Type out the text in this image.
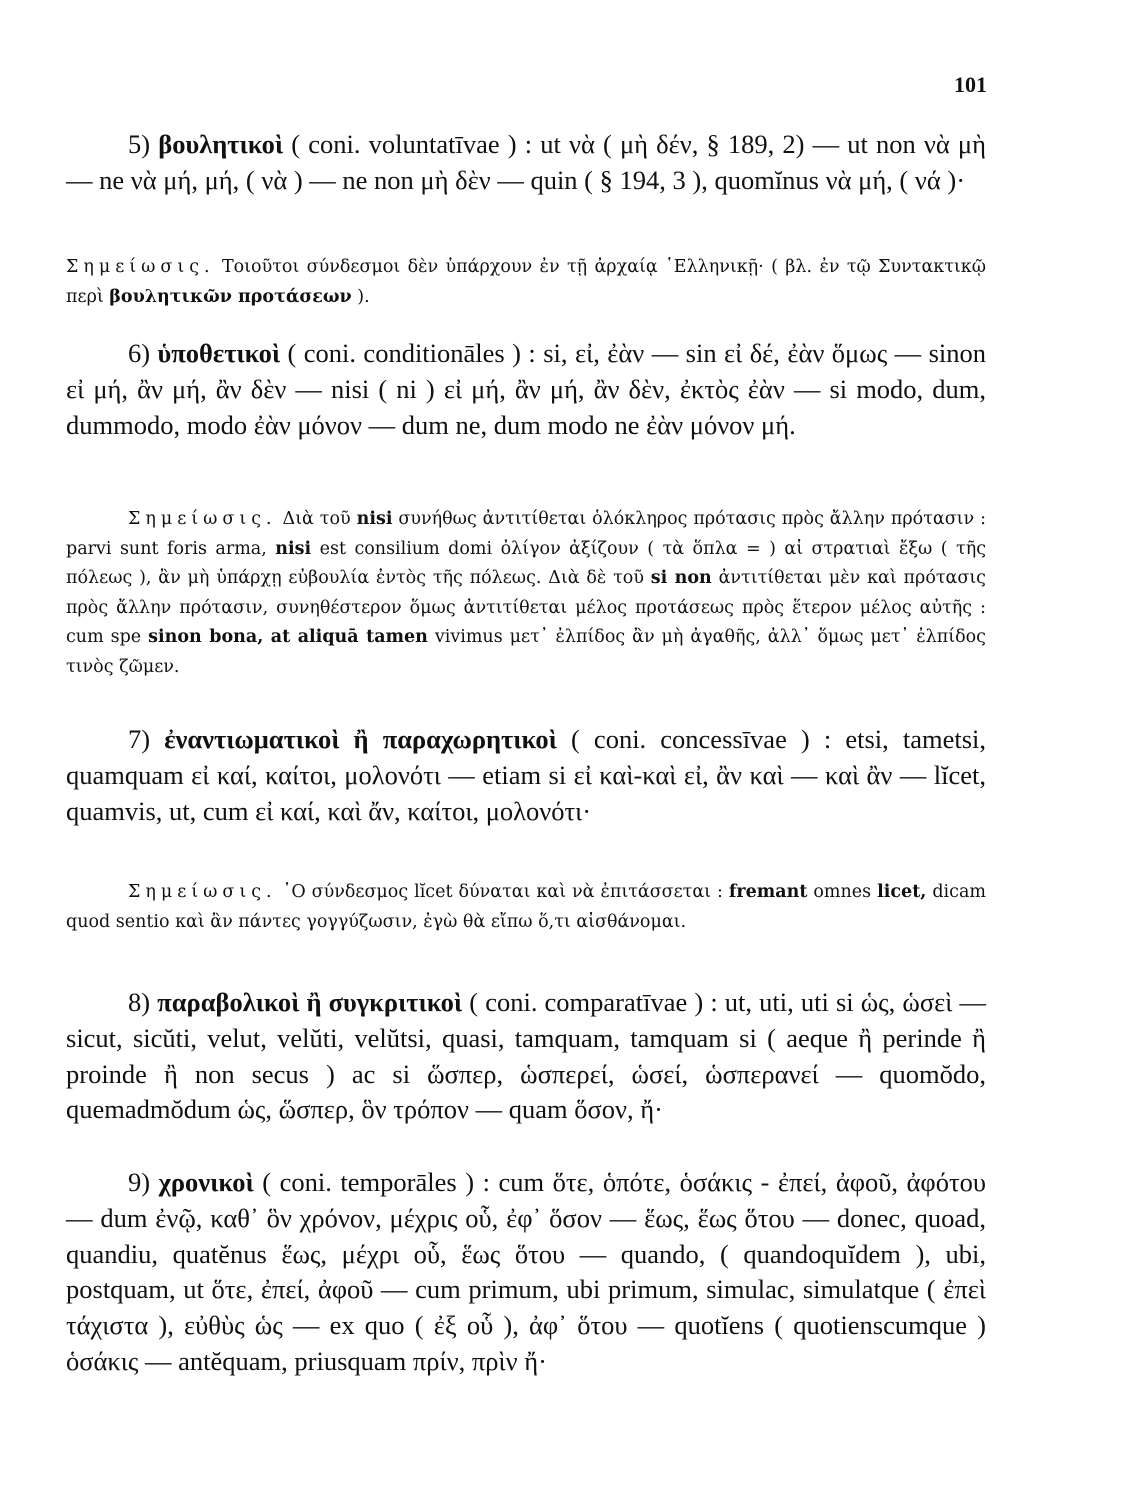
101

5) βουλητικοὶ ( coni. voluntatīvae ) : ut νὰ ( μὴ δέν, § 189, 2) — ut non νὰ μὴ — ne νὰ μή, μή, ( νὰ ) — ne non μὴ δὲν — quin ( § 194, 3 ), quomĭnus νὰ μή, ( νά )·

Σημείωσις. Τοιοῦτοι σύνδεσμοι δὲν ὑπάρχουν ἐν τῇ ἀρχαίᾳ ῾Ελληνικῇ· ( βλ. ἐν τῷ Συντακτικῷ περὶ βουλητικῶν προτάσεων ).

6) ὑποθετικοὶ ( coni. conditionāles ) : si, εἰ, ἐὰν — sin εἰ δέ, ἐὰν ὅμως — sinon εἰ μή, ἂν μή, ἂν δὲν — nisi ( ni ) εἰ μή, ἂν μή, ἂν δὲν, ἐκτὸς ἐὰν — si modo, dum, dummodo, modo ἐὰν μόνον — dum ne, dum modo ne ἐὰν μόνον μή.

Σημείωσις. Διὰ τοῦ nisi συνήθως ἀντιτίθεται ὁλόκληρος πρότασις πρὸς ἄλλην πρότασιν : parvi sunt foris arma, nisi est consilium domi ὀλίγον ἀξίζουν ( τὰ ὅπλα = ) αἱ στρατιαὶ ἔξω ( τῆς πόλεως ), ἂν μὴ ὑπάρχῃ εὐβουλία ἐντὸς τῆς πόλεως. Διὰ δὲ τοῦ si non ἀντιτίθεται μὲν καὶ πρότασις πρὸς ἄλλην πρότασιν, συνηθέστερον ὅμως ἀντιτίθεται μέλος προτάσεως πρὸς ἕτερον μέλος αὐτῆς : cum spe sinon bona, at aliquā tamen vivimus μετ᾽ ἐλπίδος ἂν μὴ ἀγαθῆς, ἀλλ᾽ ὅμως μετ᾽ ἐλπίδος τινὸς ζῶμεν.

7) ἐναντιωματικοὶ ἢ παραχωρητικοὶ ( coni. concessīvae ) : etsi, tametsi, quamquam εἰ καί, καίτοι, μολονότι — etiam si εἰ καὶ-καὶ εἰ, ἂν καὶ — καὶ ἂν — lĭcet, quamvis, ut, cum εἰ καί, καὶ ἄν, καίτοι, μολονότι·

Σημείωσις. ῾Ο σύνδεσμος lĭcet δύναται καὶ νὰ ἐπιτάσσεται : fremant omnes licet, dicam quod sentio καὶ ἂν πάντες γογγύζωσιν, ἐγὼ θὰ εἴπω ὅ,τι αἰσθάνομαι.

8) παραβολικοὶ ἢ συγκριτικοὶ ( coni. comparatīvae ) : ut, uti, uti si ὡς, ὡσεὶ — sicut, sicŭti, velut, velŭti, velŭtsi, quasi, tamquam, tamquam si ( aeque ἢ perinde ἢ proinde ἢ non secus ) ac si ὥσπερ, ὡσπερεί, ὡσεί, ὡσπερανεί — quomŏdo, quemadmŏdum ὡς, ὥσπερ, ὃν τρόπον — quam ὅσον, ἤ·

9) χρονικοὶ ( coni. temporāles ) : cum ὅτε, ὁπότε, ὁσάκις - ἐπεί, ἀφοῦ, ἀφότου — dum ἐνῷ, καθ᾽ ὃν χρόνον, μέχρις οὗ, ἐφ᾽ ὅσον — ἕως, ἕως ὅτου — donec, quoad, quandiu, quatĕnus ἕως, μέχρι οὗ, ἕως ὅτου — quando, ( quandoquĭdem ), ubi, postquam, ut ὅτε, ἐπεί, ἀφοῦ — cum primum, ubi primum, simulac, simulatque ( ἐπεὶ τάχιστα ), εὐθὺς ὡς — ex quo ( ἐξ οὗ ), ἀφ᾽ ὅτου — quotĭens ( quotienscumque ) ὁσάκις — antĕquam, priusquam πρίν, πρὶν ἤ·
